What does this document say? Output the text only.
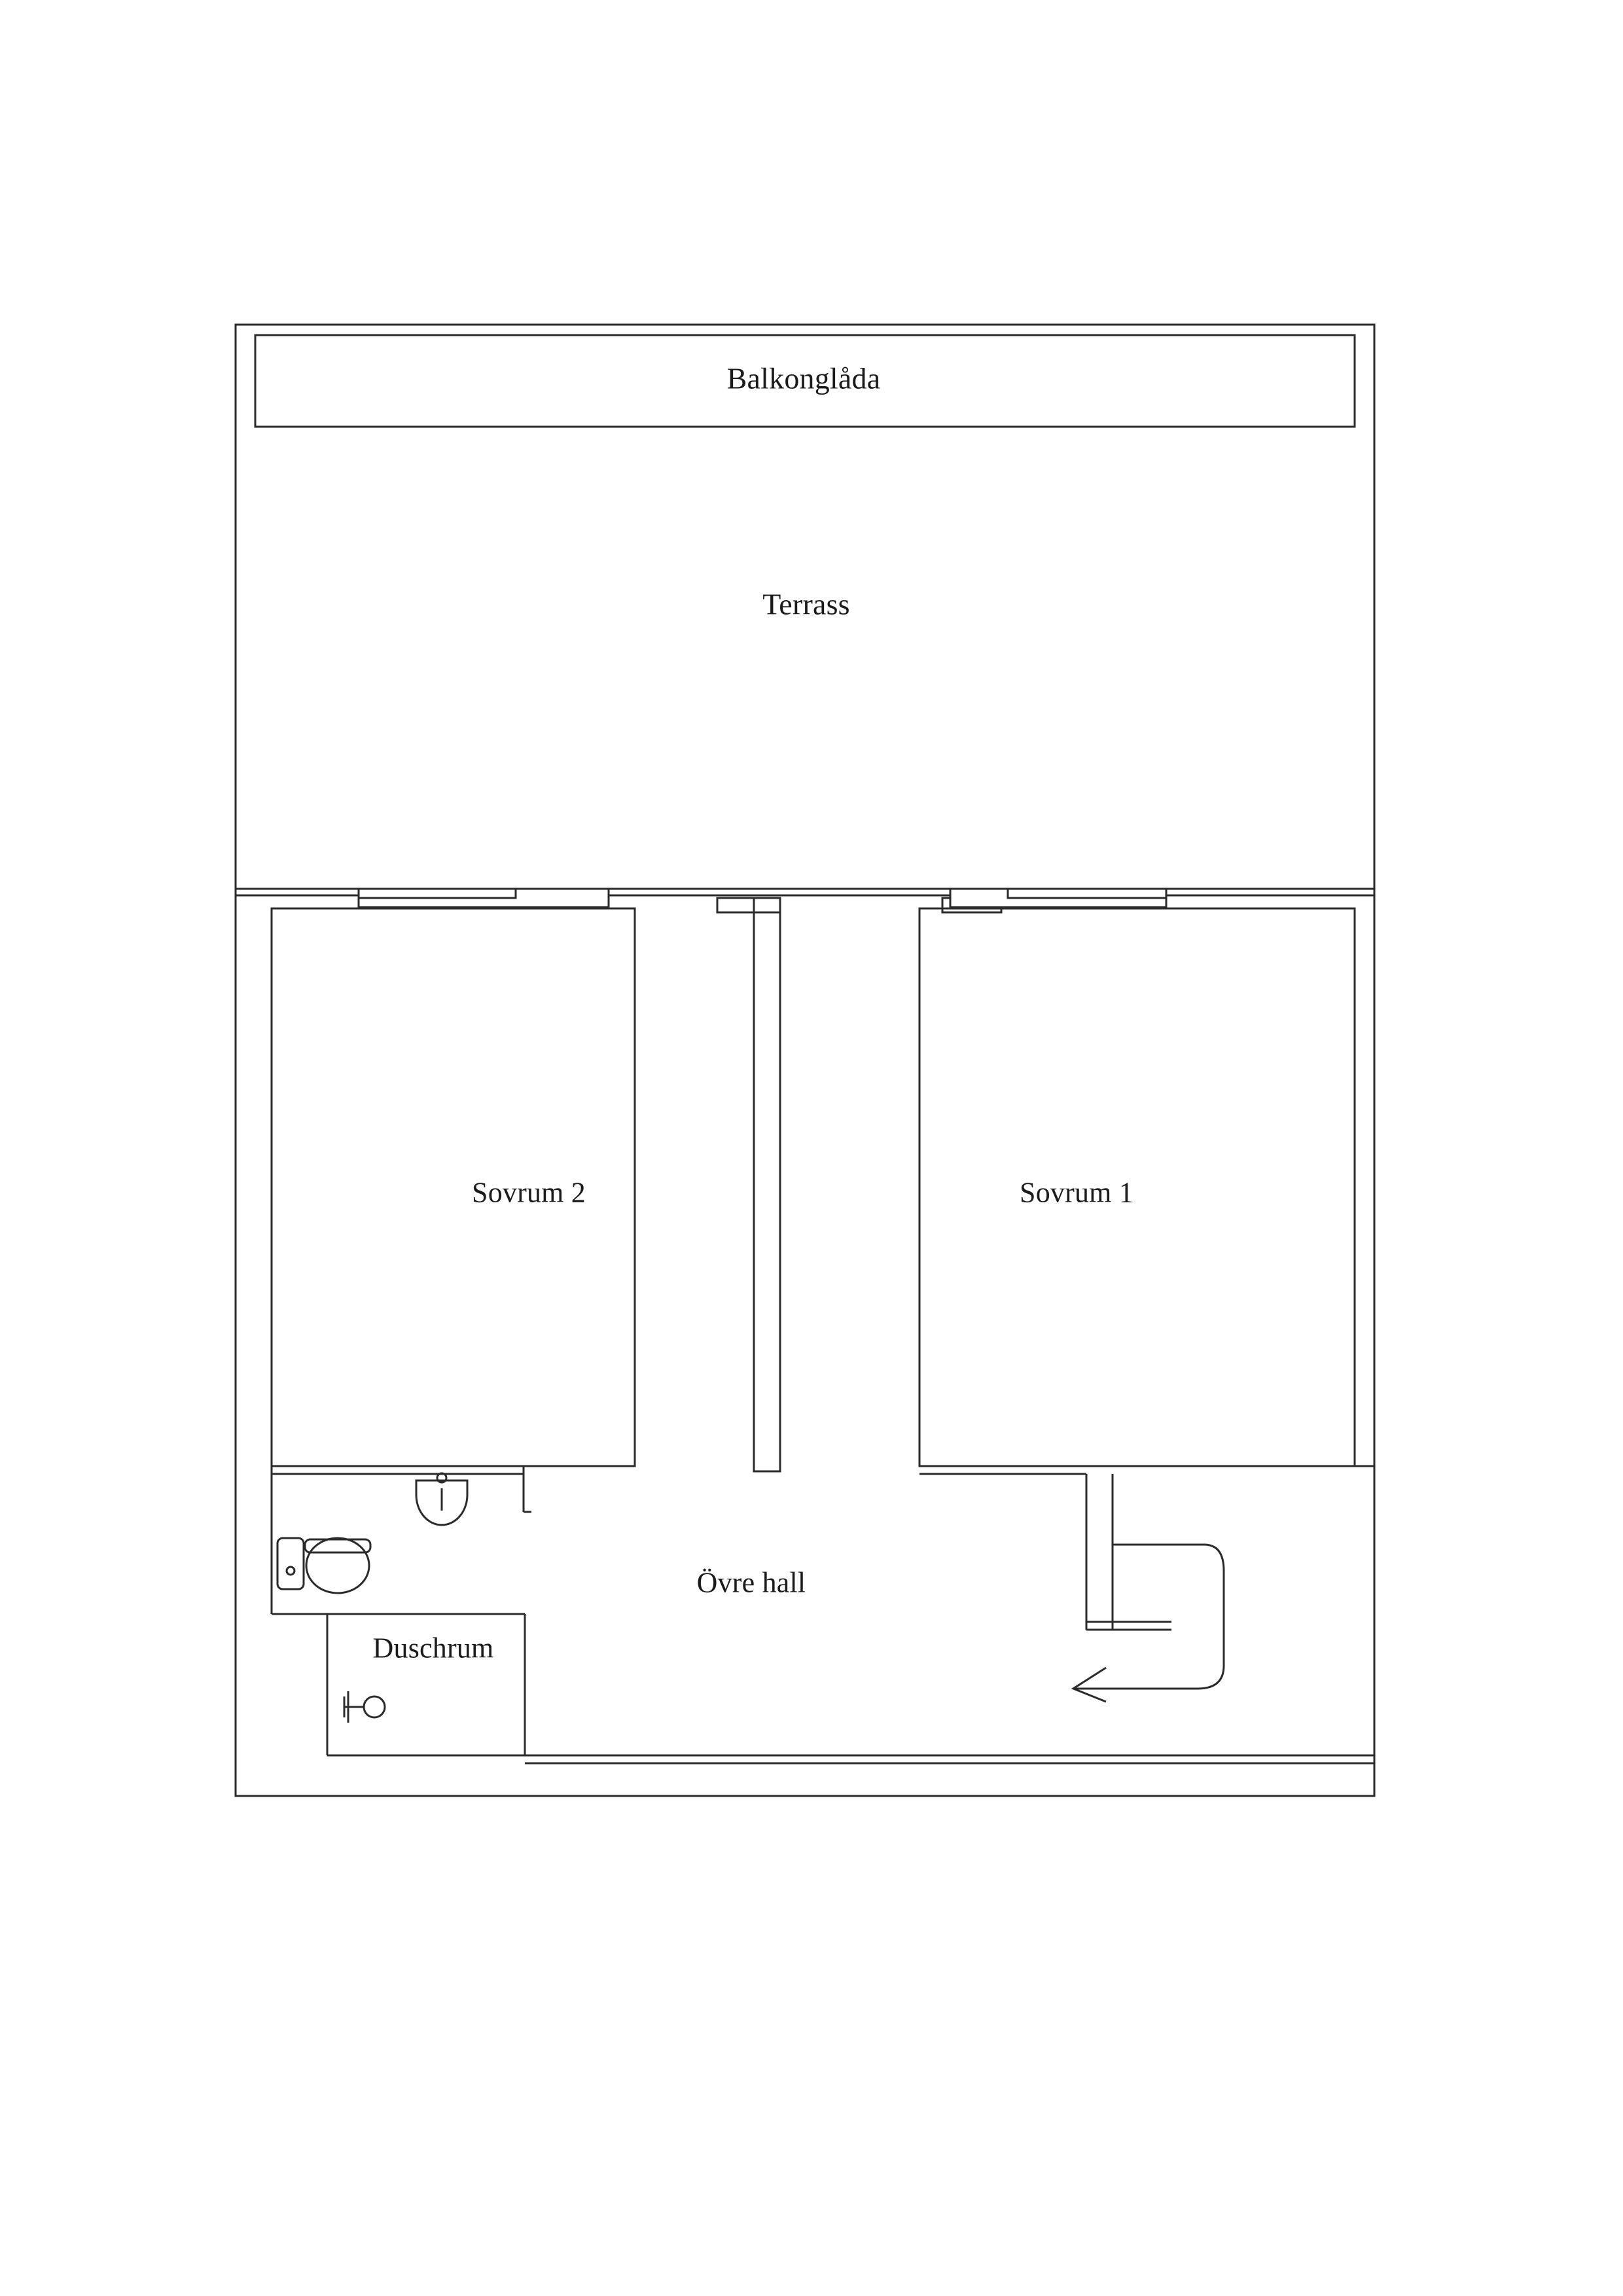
Balkonglåda
Terrass
Sovrum 2	Sovrum 1
Övre hall
Duschrum
